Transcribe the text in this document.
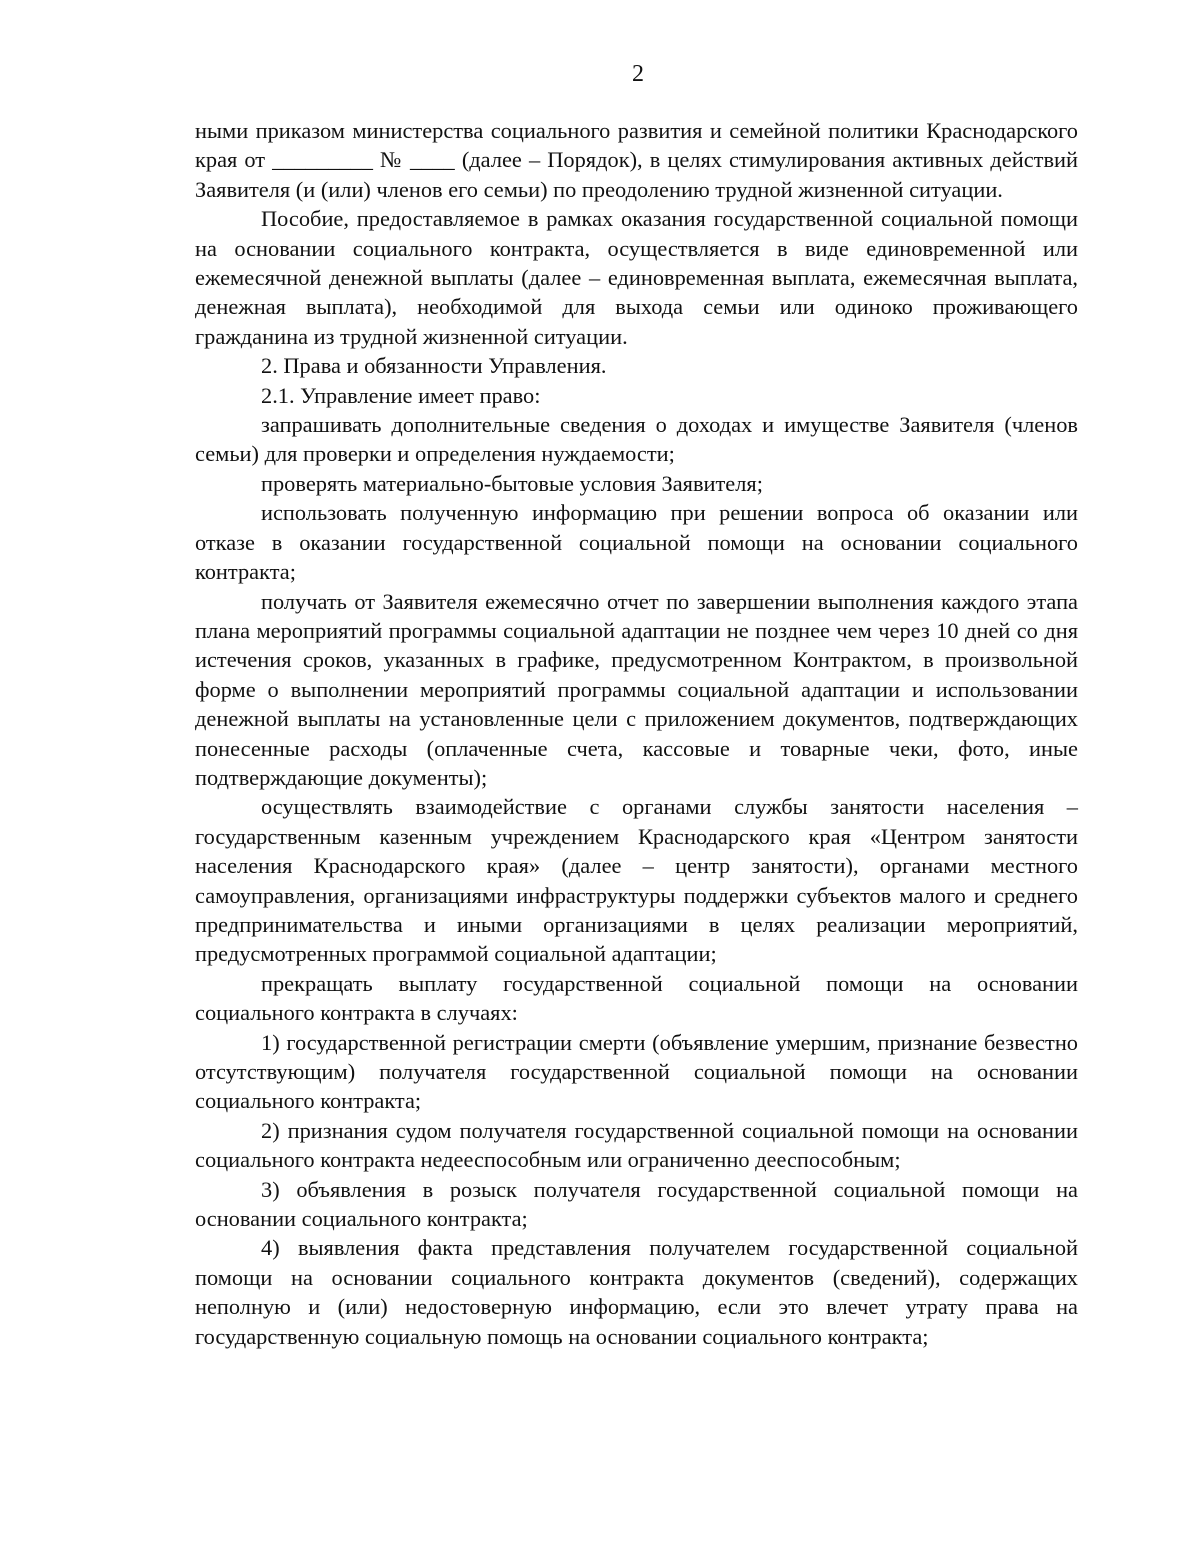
2

ными приказом министерства социального развития и семейной политики Краснодарского края от _________ № ____ (далее – Порядок), в целях стимулирования активных действий Заявителя (и (или) членов его семьи) по преодолению трудной жизненной ситуации.

Пособие, предоставляемое в рамках оказания государственной социальной помощи на основании социального контракта, осуществляется в виде единовременной или ежемесячной денежной выплаты (далее – единовременная выплата, ежемесячная выплата, денежная выплата), необходимой для выхода семьи или одиноко проживающего гражданина из трудной жизненной ситуации.

2. Права и обязанности Управления.

2.1. Управление имеет право:

запрашивать дополнительные сведения о доходах и имуществе Заявителя (членов семьи) для проверки и определения нуждаемости;

проверять материально-бытовые условия Заявителя;

использовать полученную информацию при решении вопроса об оказании или отказе в оказании государственной социальной помощи на основании социального контракта;

получать от Заявителя ежемесячно отчет по завершении выполнения каждого этапа плана мероприятий программы социальной адаптации не позднее чем через 10 дней со дня истечения сроков, указанных в графике, предусмотренном Контрактом, в произвольной форме о выполнении мероприятий программы социальной адаптации и использовании денежной выплаты на установленные цели с приложением документов, подтверждающих понесенные расходы (оплаченные счета, кассовые и товарные чеки, фото, иные подтверждающие документы);

осуществлять взаимодействие с органами службы занятости населения – государственным казенным учреждением Краснодарского края «Центром занятости населения Краснодарского края» (далее – центр занятости), органами местного самоуправления, организациями инфраструктуры поддержки субъектов малого и среднего предпринимательства и иными организациями в целях реализации мероприятий, предусмотренных программой социальной адаптации;

прекращать выплату государственной социальной помощи на основании социального контракта в случаях:

1) государственной регистрации смерти (объявление умершим, признание безвестно отсутствующим) получателя государственной социальной помощи на основании социального контракта;

2) признания судом получателя государственной социальной помощи на основании социального контракта недееспособным или ограниченно дееспособным;

3) объявления в розыск получателя государственной социальной помощи на основании социального контракта;

4) выявления факта представления получателем государственной социальной помощи на основании социального контракта документов (сведений), содержащих неполную и (или) недостоверную информацию, если это влечет утрату права на государственную социальную помощь на основании социального контракта;
